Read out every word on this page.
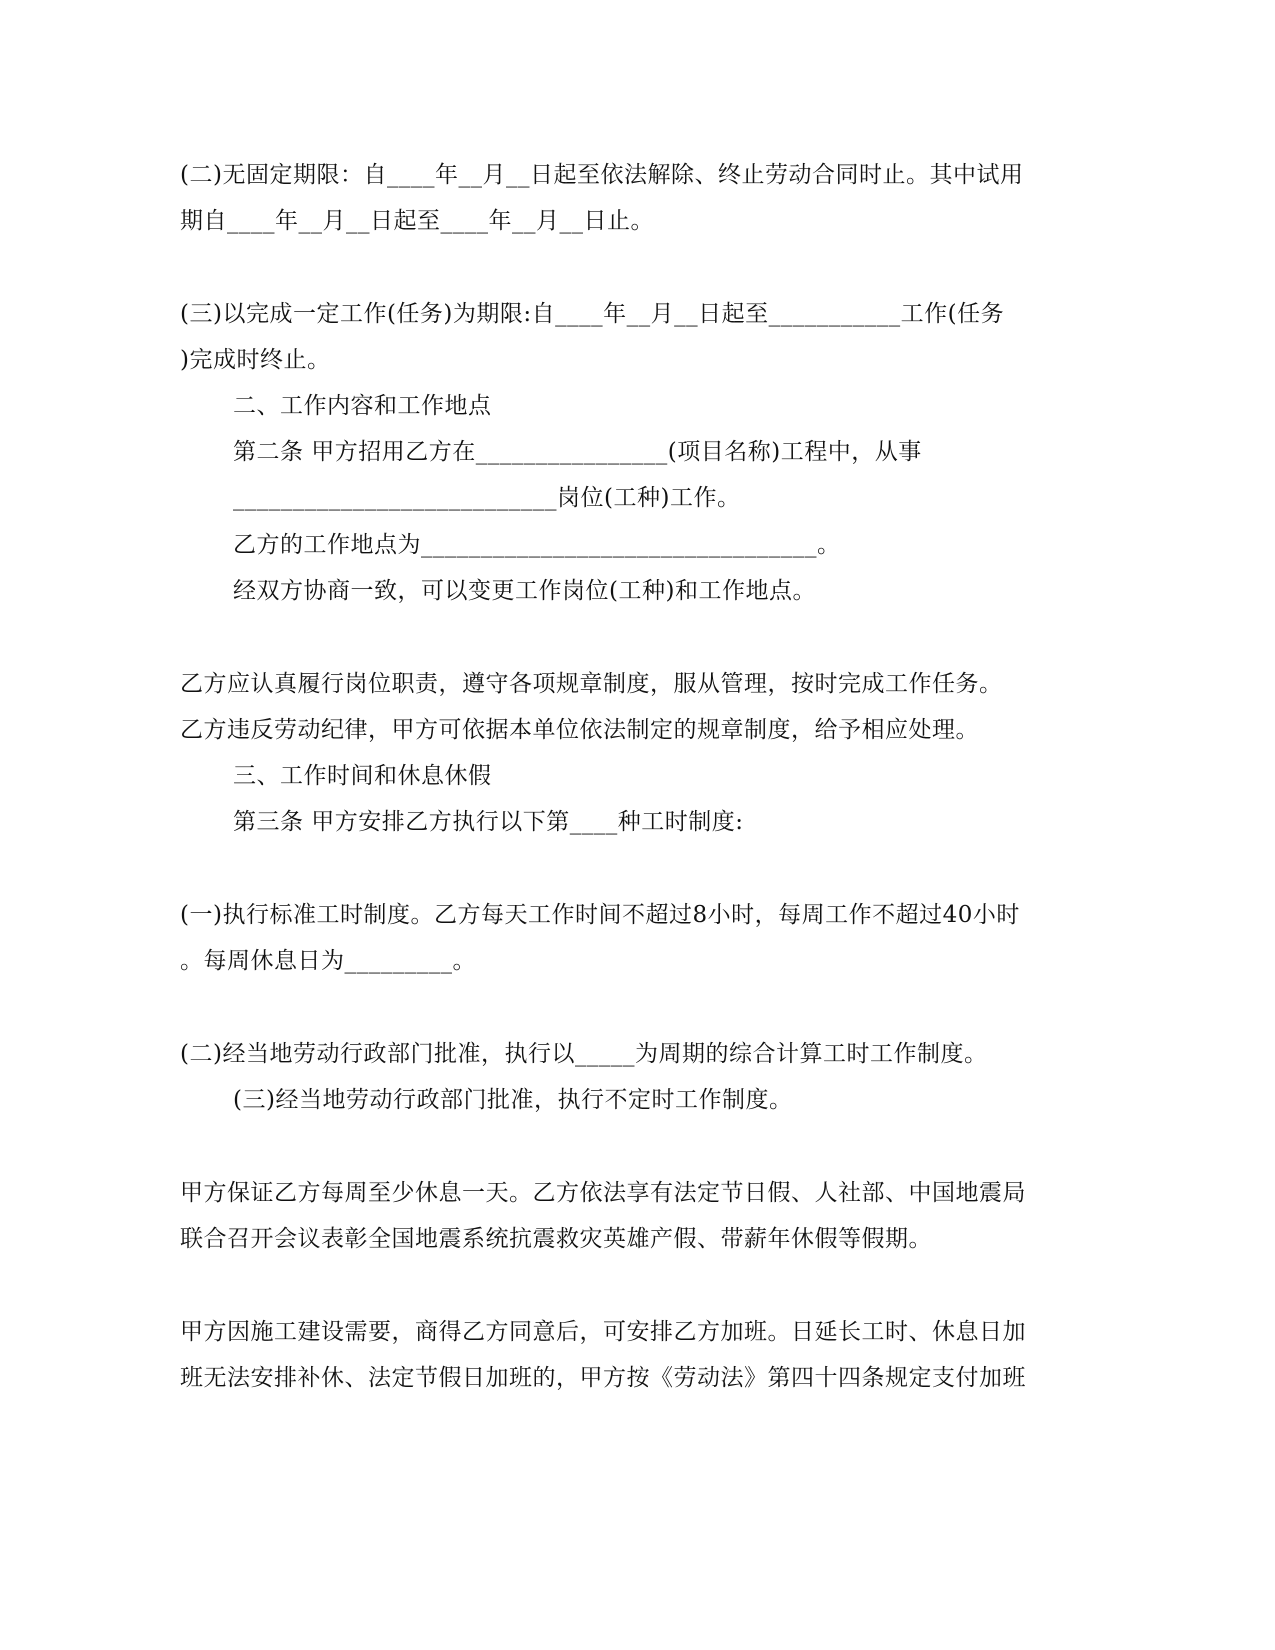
(二)无固定期限：自____年__月__日起至依法解除、终止劳动合同时止。其中试用
期自____年__月__日起至____年__月__日止。
(三)以完成一定工作(任务)为期限:自____年__月__日起至___________工作(任务
)完成时终止。
二、工作内容和工作地点
第二条 甲方招用乙方在________________(项目名称)工程中，从事
___________________________岗位(工种)工作。
乙方的工作地点为_________________________________。
经双方协商一致，可以变更工作岗位(工种)和工作地点。
乙方应认真履行岗位职责，遵守各项规章制度，服从管理，按时完成工作任务。
乙方违反劳动纪律，甲方可依据本单位依法制定的规章制度，给予相应处理。
三、工作时间和休息休假
第三条 甲方安排乙方执行以下第____种工时制度:
(一)执行标准工时制度。乙方每天工作时间不超过8小时，每周工作不超过40小时
。每周休息日为_________。
(二)经当地劳动行政部门批准，执行以_____为周期的综合计算工时工作制度。
(三)经当地劳动行政部门批准，执行不定时工作制度。
甲方保证乙方每周至少休息一天。乙方依法享有法定节日假、人社部、中国地震局
联合召开会议表彰全国地震系统抗震救灾英雄产假、带薪年休假等假期。
甲方因施工建设需要，商得乙方同意后，可安排乙方加班。日延长工时、休息日加
班无法安排补休、法定节假日加班的，甲方按《劳动法》第四十四条规定支付加班
